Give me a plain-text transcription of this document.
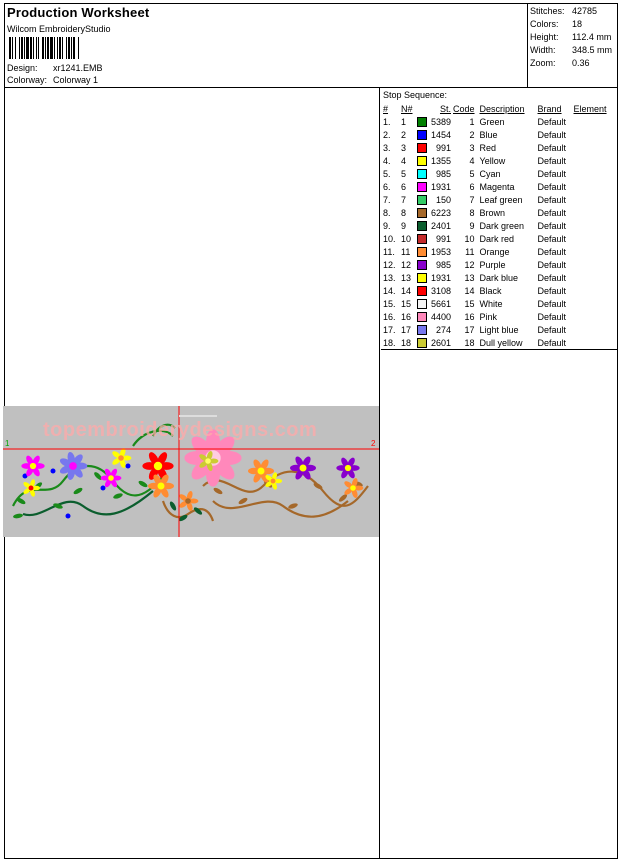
Production Worksheet
Wilcom EmbroideryStudio
Design:	xr1241.EMB
Colorway: Colorway 1
Stitches: 42785
Colors:	18
Height:	112.4 mm
Width:	348.5 mm
Zoom:	0.36
1	2
topembroiderydesigns.com
Stop Sequence:
#	N#		St.	Code	Description	Brand	Element
1.	1		5389	1	Green	Default	
2.	2		1454	2	Blue	Default	
3.	3		991	3	Red	Default	
4.	4		1355	4	Yellow	Default	
5.	5		985	5	Cyan	Default	
6.	6		1931	6	Magenta	Default	
7.	7		150	7	Leaf green	Default	
8.	8		6223	8	Brown	Default	
9.	9		2401	9	Dark green	Default	
10.	10		991	10	Dark red	Default	
11.	11		1953	11	Orange	Default	
12.	12		985	12	Purple	Default	
13.	13		1931	13	Dark blue	Default	
14.	14		3108	14	Black	Default	
15.	15		5661	15	White	Default	
16.	16		4400	16	Pink	Default	
17.	17		274	17	Light blue	Default	
18.	18		2601	18	Dull yellow	Default	
